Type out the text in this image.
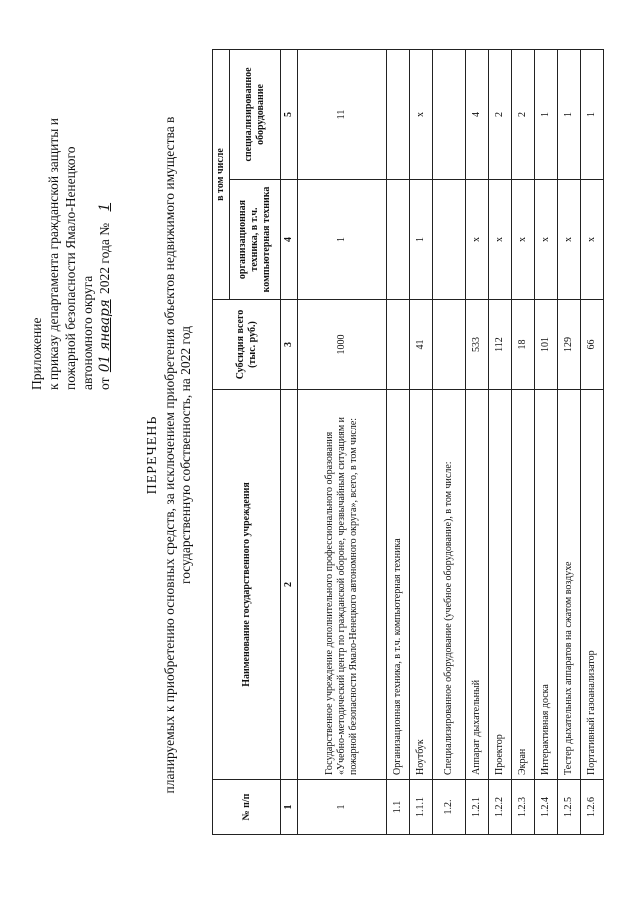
Приложение к приказу департамента гражданской защиты и пожарной безопасности Ямало-Ненецкого автономного округа от 01 января 2022 года № 1
ПЕРЕЧЕНЬ планируемых к приобретению основных средств, за исключением приобретения объектов недвижимого имущества в государственную собственность, на 2022 год
№ п/п	Наименование государственного учреждения	Субсидия всего (тыс. руб.)	в том числе	
			организационная техника, в т.ч. компьютерная техника	специализированное оборудование
1	2	3	4	5
1	Государственное учреждение дополнительного профессионального образования «Учебно-методический центр по гражданской обороне, чрезвычайным ситуациям и пожарной безопасности Ямало-Ненецкого автономного округа», всего, в том числе:	1000	1	11
1.1	Организационная техника, в т.ч. компьютерная техника			
1.1.1	Ноутбук	41	1	x
1.2.	Специализированное оборудование (учебное оборудование), в том числе:			
1.2.1	Аппарат дыхательный	533	x	4
1.2.2	Проектор	112	x	2
1.2.3	Экран	18	x	2
1.2.4	Интерактивная доска	101	x	1
1.2.5	Тестер дыхательных аппаратов на сжатом воздухе	129	x	1
1.2.6	Портативный газоанализатор	66	x	1
